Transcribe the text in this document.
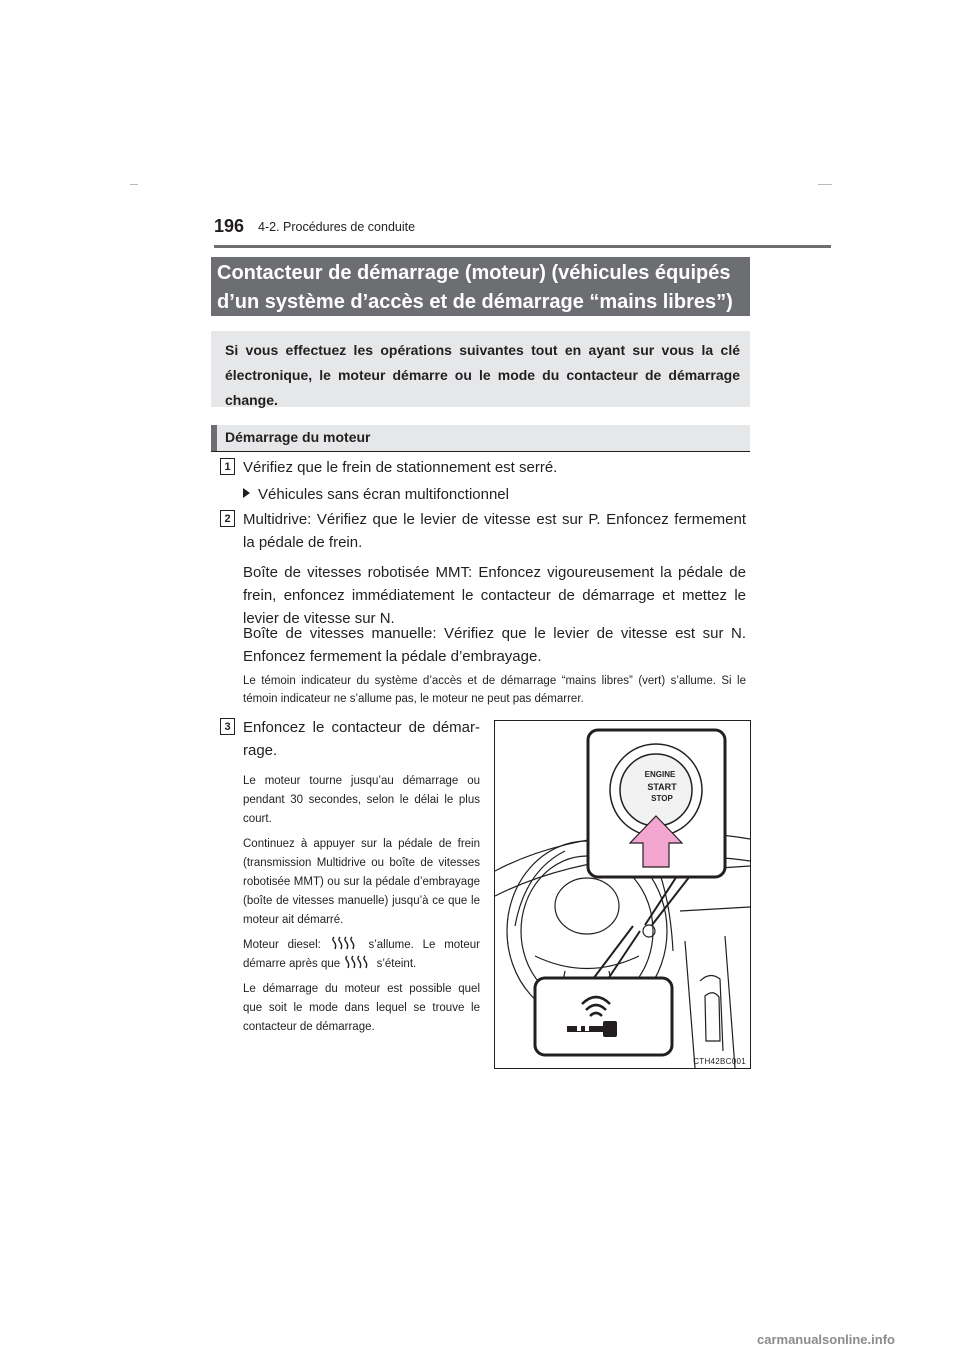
196 4-2. Procédures de conduite
Contacteur de démarrage (moteur) (véhicules équipés
d’un système d’accès et de démarrage “mains libres”)
Si vous effectuez les opérations suivantes tout en ayant sur vous la clé électronique, le moteur démarre ou le mode du contacteur de démarrage change.
Démarrage du moteur
1 Vérifiez que le frein de stationnement est serré.
Véhicules sans écran multifonctionnel
2 Multidrive: Vérifiez que le levier de vitesse est sur P. Enfoncez fermement la pédale de frein.
Boîte de vitesses robotisée MMT: Enfoncez vigoureusement la pédale de frein, enfoncez immédiatement le contacteur de démarrage et mettez le levier de vitesse sur N.
Boîte de vitesses manuelle: Vérifiez que le levier de vitesse est sur N. Enfoncez fermement la pédale d’embrayage.
Le témoin indicateur du système d’accès et de démarrage “mains libres” (vert) s’allume. Si le témoin indicateur ne s’allume pas, le moteur ne peut pas démarrer.
3 Enfoncez le contacteur de démar-rage.
Le moteur tourne jusqu’au démarrage ou pendant 30 secondes, selon le délai le plus court.
Continuez à appuyer sur la pédale de frein (transmission Multidrive ou boîte de vitesses robotisée MMT) ou sur la pédale d’embrayage (boîte de vitesses manuelle) jusqu’à ce que le moteur ait démarré.
Moteur diesel:	s’allume. Le moteur démarre après que	s’éteint.
Le démarrage du moteur est possible quel que soit le mode dans lequel se trouve le contacteur de démarrage.
ENGINE
START
STOP
CTH42BC001
carmanualsonline.info
